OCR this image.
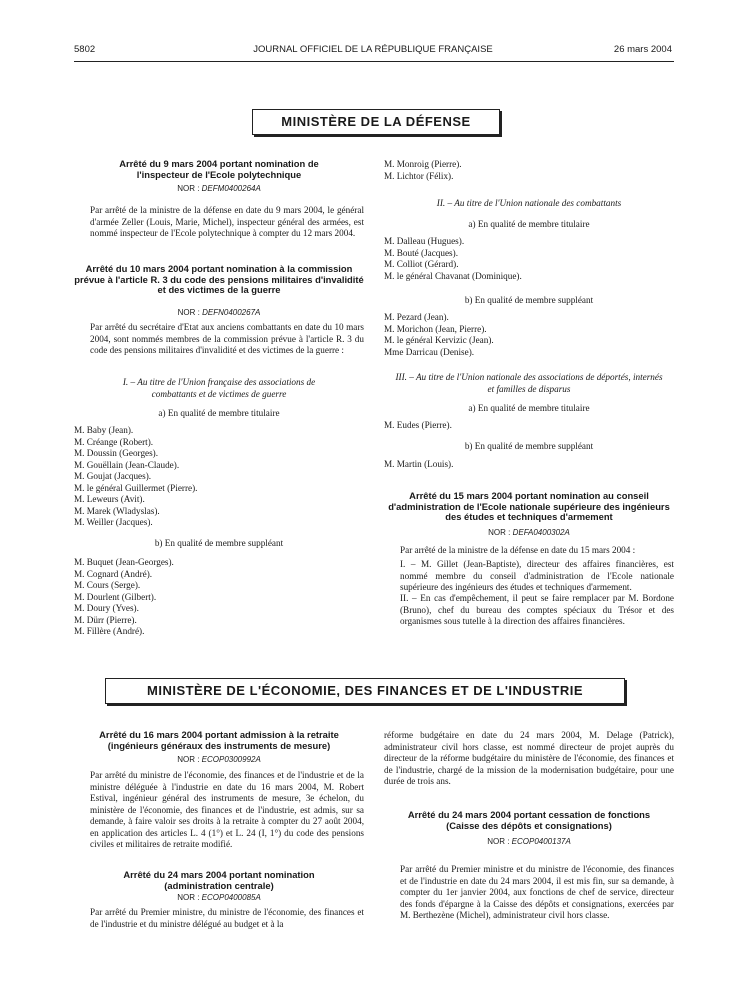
5802	JOURNAL OFFICIEL DE LA RÉPUBLIQUE FRANÇAISE	26 mars 2004
MINISTÈRE DE LA DÉFENSE
Arrêté du 9 mars 2004 portant nomination de l'inspecteur de l'Ecole polytechnique
NOR : DEFM0400264A
Par arrêté de la ministre de la défense en date du 9 mars 2004, le général d'armée Zeller (Louis, Marie, Michel), inspecteur général des armées, est nommé inspecteur de l'Ecole polytechnique à compter du 12 mars 2004.
Arrêté du 10 mars 2004 portant nomination à la commission prévue à l'article R. 3 du code des pensions militaires d'invalidité et des victimes de la guerre
NOR : DEFN0400267A
Par arrêté du secrétaire d'Etat aux anciens combattants en date du 10 mars 2004, sont nommés membres de la commission prévue à l'article R. 3 du code des pensions militaires d'invalidité et des victimes de la guerre :
I. – Au titre de l'Union française des associations de combattants et de victimes de guerre
a) En qualité de membre titulaire
M. Baby (Jean).
M. Créange (Robert).
M. Doussin (Georges).
M. Gouëllain (Jean-Claude).
M. Goujat (Jacques).
M. le général Guillermet (Pierre).
M. Leweurs (Avit).
M. Marek (Wladyslas).
M. Weiller (Jacques).
b) En qualité de membre suppléant
M. Buquet (Jean-Georges).
M. Cognard (André).
M. Cours (Serge).
M. Dourlent (Gilbert).
M. Doury (Yves).
M. Dürr (Pierre).
M. Fillère (André).
M. Monroig (Pierre).
M. Lichtor (Félix).
II. – Au titre de l'Union nationale des combattants
a) En qualité de membre titulaire
M. Dalleau (Hugues).
M. Bouté (Jacques).
M. Colliot (Gérard).
M. le général Chavanat (Dominique).
b) En qualité de membre suppléant
M. Pezard (Jean).
M. Morichon (Jean, Pierre).
M. le général Kervizic (Jean).
Mme Darricau (Denise).
III. – Au titre de l'Union nationale des associations de déportés, internés et familles de disparus
a) En qualité de membre titulaire
M. Eudes (Pierre).
b) En qualité de membre suppléant
M. Martin (Louis).
Arrêté du 15 mars 2004 portant nomination au conseil d'administration de l'Ecole nationale supérieure des ingénieurs des études et techniques d'armement
NOR : DEFA0400302A
Par arrêté de la ministre de la défense en date du 15 mars 2004 :
I. – M. Gillet (Jean-Baptiste), directeur des affaires financières, est nommé membre du conseil d'administration de l'Ecole nationale supérieure des ingénieurs des études et techniques d'armement.
II. – En cas d'empêchement, il peut se faire remplacer par M. Bordone (Bruno), chef du bureau des comptes spéciaux du Trésor et des organismes sous tutelle à la direction des affaires financières.
MINISTÈRE DE L'ÉCONOMIE, DES FINANCES ET DE L'INDUSTRIE
Arrêté du 16 mars 2004 portant admission à la retraite (ingénieurs généraux des instruments de mesure)
NOR : ECOP0300992A
Par arrêté du ministre de l'économie, des finances et de l'industrie et de la ministre déléguée à l'industrie en date du 16 mars 2004, M. Robert Estival, ingénieur général des instruments de mesure, 3e échelon, du ministère de l'économie, des finances et de l'industrie, est admis, sur sa demande, à faire valoir ses droits à la retraite à compter du 27 août 2004, en application des articles L. 4 (1°) et L. 24 (I, 1°) du code des pensions civiles et militaires de retraite modifié.
Arrêté du 24 mars 2004 portant nomination (administration centrale)
NOR : ECOP0400085A
Par arrêté du Premier ministre, du ministre de l'économie, des finances et de l'industrie et du ministre délégué au budget et à la
réforme budgétaire en date du 24 mars 2004, M. Delage (Patrick), administrateur civil hors classe, est nommé directeur de projet auprès du directeur de la réforme budgétaire du ministère de l'économie, des finances et de l'industrie, chargé de la mission de la modernisation budgétaire, pour une durée de trois ans.
Arrêté du 24 mars 2004 portant cessation de fonctions (Caisse des dépôts et consignations)
NOR : ECOP0400137A
Par arrêté du Premier ministre et du ministre de l'économie, des finances et de l'industrie en date du 24 mars 2004, il est mis fin, sur sa demande, à compter du 1er janvier 2004, aux fonctions de chef de service, directeur des fonds d'épargne à la Caisse des dépôts et consignations, exercées par M. Berthezène (Michel), administrateur civil hors classe.
